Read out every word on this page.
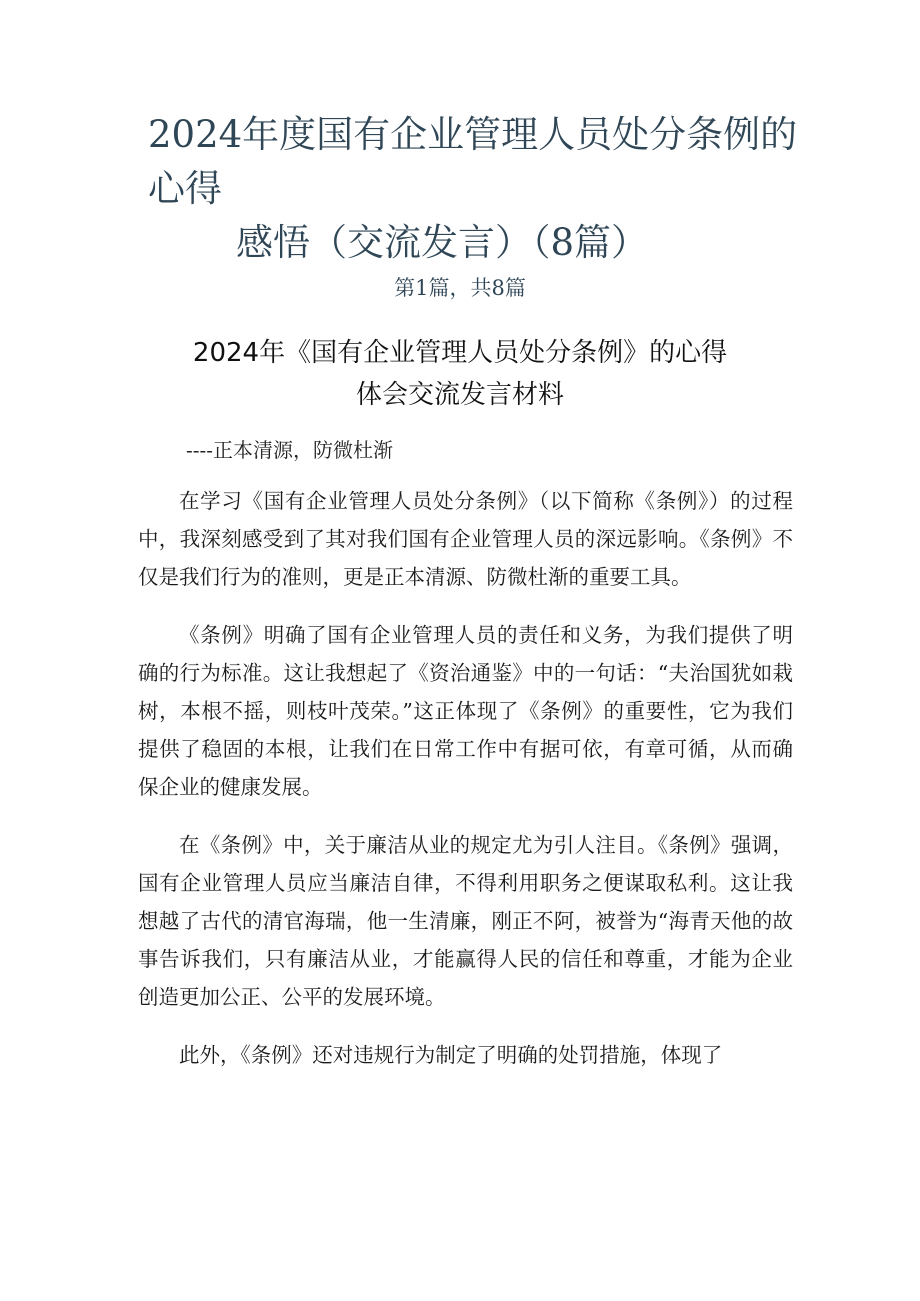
2024年度国有企业管理人员处分条例的心得
感悟（交流发言）（8篇）
第1篇，共8篇
2024年《国有企业管理人员处分条例》的心得
体会交流发言材料
----正本清源，防微杜渐

在学习《国有企业管理人员处分条例》（以下简称《条例》）的过程中，我深刻感受到了其对我们国有企业管理人员的深远影响。《条例》不仅是我们行为的准则，更是正本清源、防微杜渐的重要工具。

《条例》明确了国有企业管理人员的责任和义务，为我们提供了明确的行为标准。这让我想起了《资治通鉴》中的一句话：“夫治国犹如栽树，本根不摇，则枝叶茂荣。”这正体现了《条例》的重要性，它为我们提供了稳固的本根，让我们在日常工作中有据可依，有章可循，从而确保企业的健康发展。

在《条例》中，关于廉洁从业的规定尤为引人注目。《条例》强调，国有企业管理人员应当廉洁自律，不得利用职务之便谋取私利。这让我想越了古代的清官海瑞，他一生清廉，刚正不阿，被誉为“海青天他的故事告诉我们，只有廉洁从业，才能赢得人民的信任和尊重，才能为企业创造更加公正、公平的发展环境。

此外，《条例》还对违规行为制定了明确的处罚措施，体现了
